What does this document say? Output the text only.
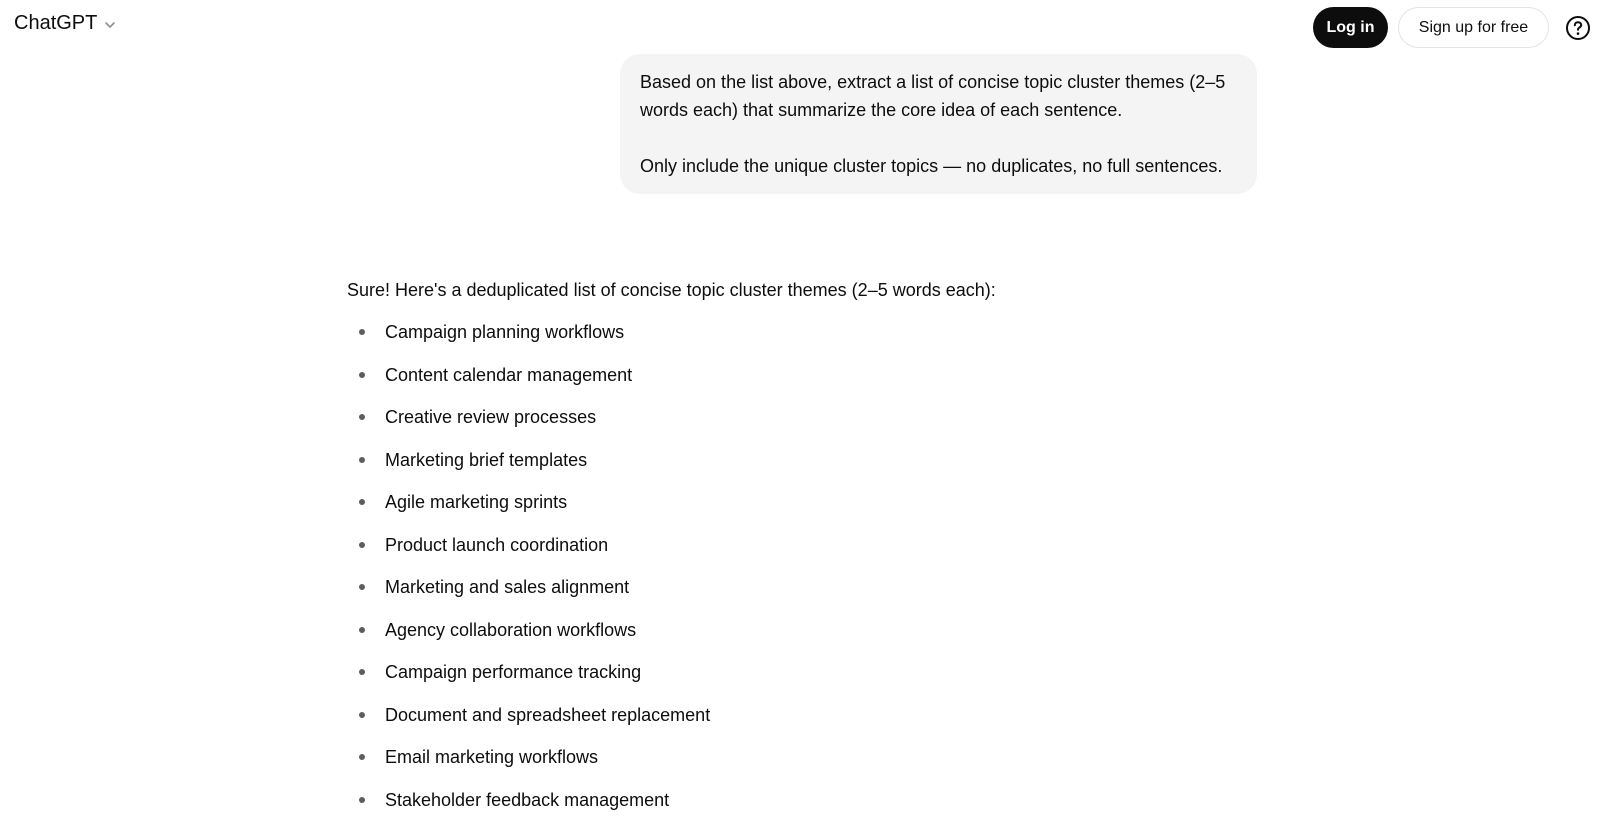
ChatGPT	Log in	Sign up for free

Based on the list above, extract a list of concise topic cluster themes (2–5 words each) that summarize the core idea of each sentence.

Only include the unique cluster topics — no duplicates, no full sentences.

Sure! Here's a deduplicated list of concise topic cluster themes (2–5 words each):

Campaign planning workflows
Content calendar management
Creative review processes
Marketing brief templates
Agile marketing sprints
Product launch coordination
Marketing and sales alignment
Agency collaboration workflows
Campaign performance tracking
Document and spreadsheet replacement
Email marketing workflows
Stakeholder feedback management
